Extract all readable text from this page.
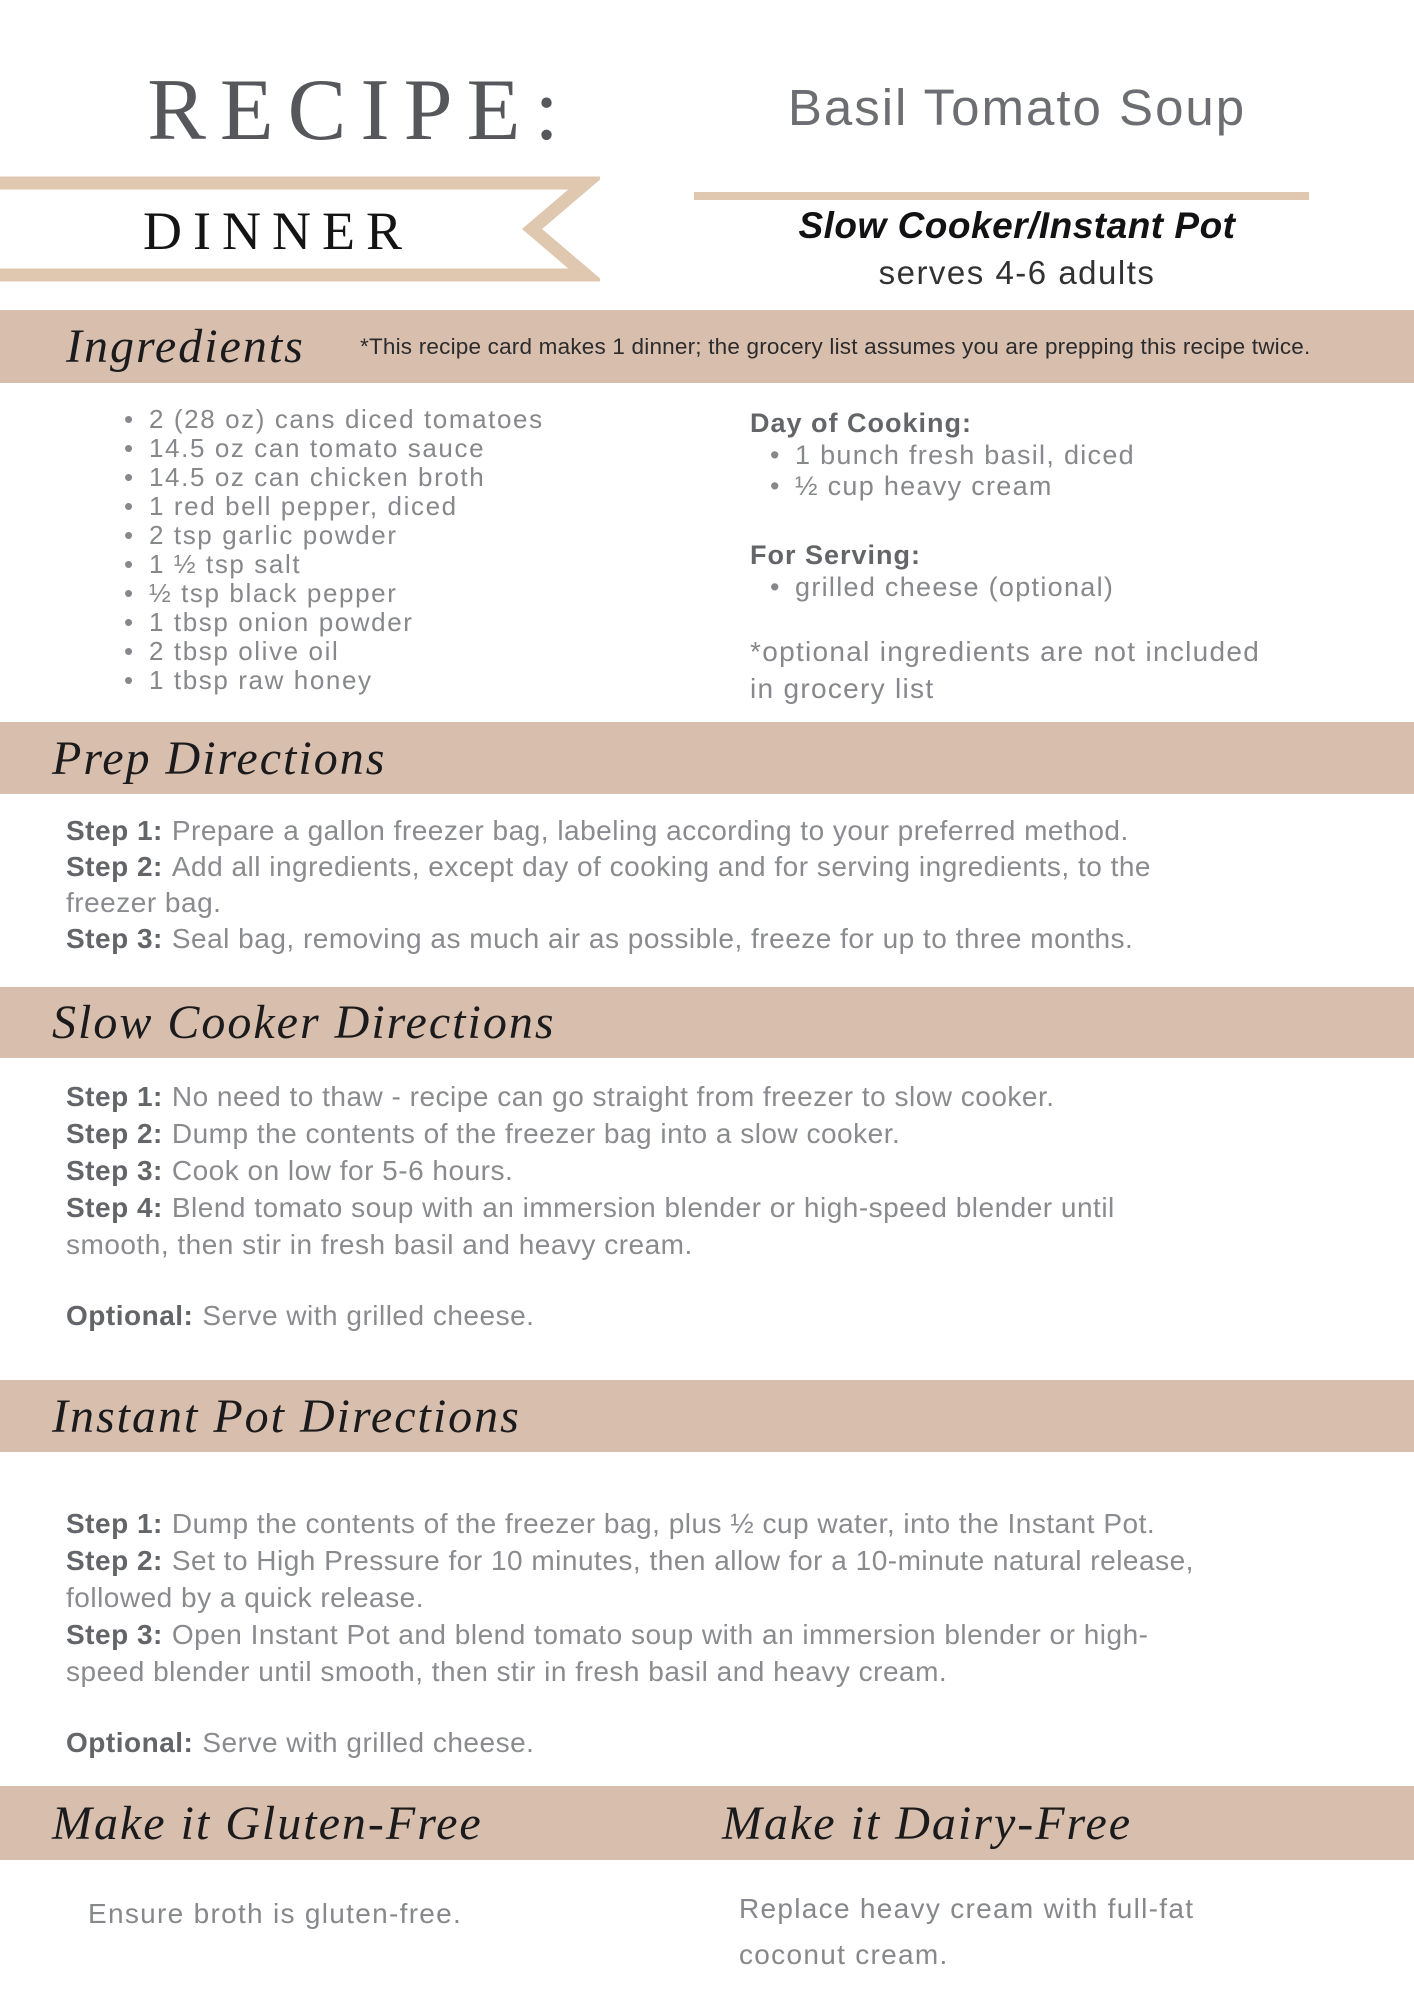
RECIPE:
DINNER
Basil Tomato Soup
Slow Cooker/Instant Pot
serves 4-6 adults
Ingredients *This recipe card makes 1 dinner; the grocery list assumes you are prepping this recipe twice.
• 2 (28 oz) cans diced tomatoes
• 14.5 oz can tomato sauce
• 14.5 oz can chicken broth
• 1 red bell pepper, diced
• 2 tsp garlic powder
• 1 ½ tsp salt
• ½ tsp black pepper
• 1 tbsp onion powder
• 2 tbsp olive oil
• 1 tbsp raw honey

Day of Cooking:

• 1 bunch fresh basil, diced
• ½ cup heavy cream

For Serving:

• grilled cheese (optional)
*optional ingredients are not included
in grocery list
Prep Directions

Step 1: Prepare a gallon freezer bag, labeling according to your preferred method.

Step 2: Add all ingredients, except day of cooking and for serving ingredients, to the
freezer bag.

Step 3: Seal bag, removing as much air as possible, freeze for up to three months.

Slow Cooker Directions

Step 1: No need to thaw - recipe can go straight from freezer to slow cooker.

Step 2: Dump the contents of the freezer bag into a slow cooker.

Step 3: Cook on low for 5-6 hours.

Step 4: Blend tomato soup with an immersion blender or high-speed blender until
smooth, then stir in fresh basil and heavy cream.

Optional: Serve with grilled cheese.

Instant Pot Directions

Step 1: Dump the contents of the freezer bag, plus ½ cup water, into the Instant Pot.

Step 2: Set to High Pressure for 10 minutes, then allow for a 10-minute natural release,
followed by a quick release.

Step 3: Open Instant Pot and blend tomato soup with an immersion blender or high-
speed blender until smooth, then stir in fresh basil and heavy cream.

Optional: Serve with grilled cheese.

Make it Gluten-Free	Make it Dairy-Free
Ensure broth is gluten-free.	Replace heavy cream with full-fat
coconut cream.
